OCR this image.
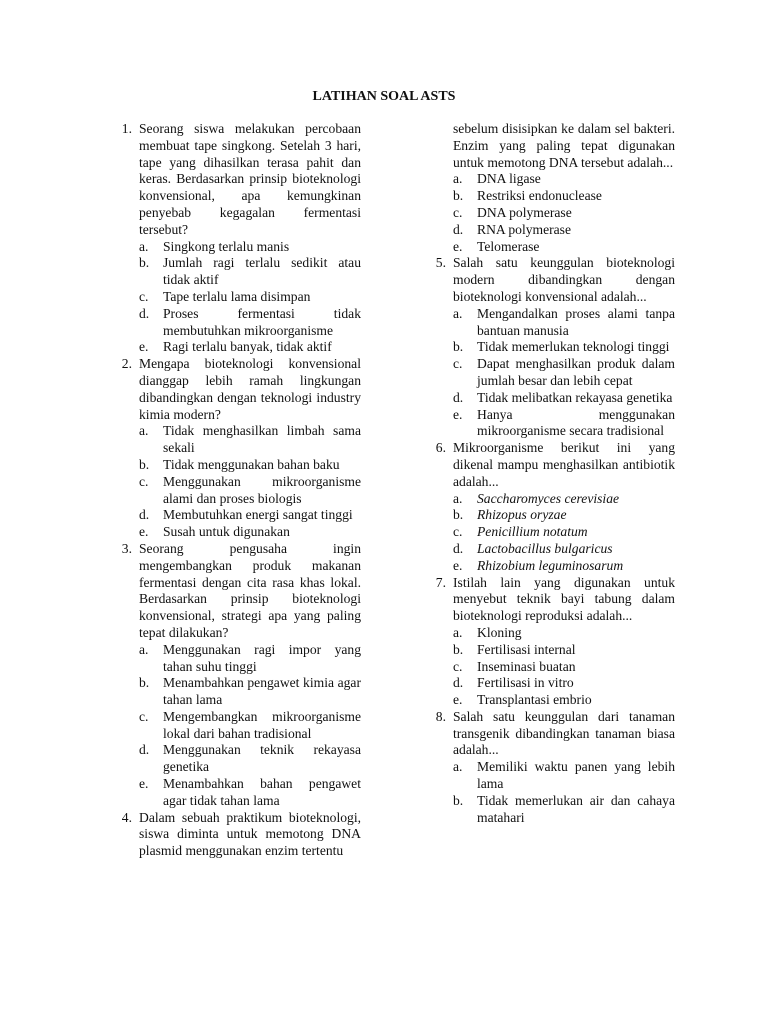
LATIHAN SOAL ASTS
1. Seorang siswa melakukan percobaan membuat tape singkong. Setelah 3 hari, tape yang dihasilkan terasa pahit dan keras. Berdasarkan prinsip bioteknologi konvensional, apa kemungkinan penyebab kegagalan fermentasi tersebut?
a. Singkong terlalu manis
b. Jumlah ragi terlalu sedikit atau tidak aktif
c. Tape terlalu lama disimpan
d. Proses fermentasi tidak membutuhkan mikroorganisme
e. Ragi terlalu banyak, tidak aktif
2. Mengapa bioteknologi konvensional dianggap lebih ramah lingkungan dibandingkan dengan teknologi industry kimia modern?
a. Tidak menghasilkan limbah sama sekali
b. Tidak menggunakan bahan baku
c. Menggunakan mikroorganisme alami dan proses biologis
d. Membutuhkan energi sangat tinggi
e. Susah untuk digunakan
3. Seorang pengusaha ingin mengembangkan produk makanan fermentasi dengan cita rasa khas lokal. Berdasarkan prinsip bioteknologi konvensional, strategi apa yang paling tepat dilakukan?
a. Menggunakan ragi impor yang tahan suhu tinggi
b. Menambahkan pengawet kimia agar tahan lama
c. Mengembangkan mikroorganisme lokal dari bahan tradisional
d. Menggunakan teknik rekayasa genetika
e. Menambahkan bahan pengawet agar tidak tahan lama
4. Dalam sebuah praktikum bioteknologi, siswa diminta untuk memotong DNA plasmid menggunakan enzim tertentu
sebelum disisipkan ke dalam sel bakteri. Enzim yang paling tepat digunakan untuk memotong DNA tersebut adalah...
a. DNA ligase
b. Restriksi endonuclease
c. DNA polymerase
d. RNA polymerase
e. Telomerase
5. Salah satu keunggulan bioteknologi modern dibandingkan dengan bioteknologi konvensional adalah...
a. Mengandalkan proses alami tanpa bantuan manusia
b. Tidak memerlukan teknologi tinggi
c. Dapat menghasilkan produk dalam jumlah besar dan lebih cepat
d. Tidak melibatkan rekayasa genetika
e. Hanya menggunakan mikroorganisme secara tradisional
6. Mikroorganisme berikut ini yang dikenal mampu menghasilkan antibiotik adalah...
a. Saccharomyces cerevisiae
b. Rhizopus oryzae
c. Penicillium notatum
d. Lactobacillus bulgaricus
e. Rhizobium leguminosarum
7. Istilah lain yang digunakan untuk menyebut teknik bayi tabung dalam bioteknologi reproduksi adalah...
a. Kloning
b. Fertilisasi internal
c. Inseminasi buatan
d. Fertilisasi in vitro
e. Transplantasi embrio
8. Salah satu keunggulan dari tanaman transgenik dibandingkan tanaman biasa adalah...
a. Memiliki waktu panen yang lebih lama
b. Tidak memerlukan air dan cahaya matahari
